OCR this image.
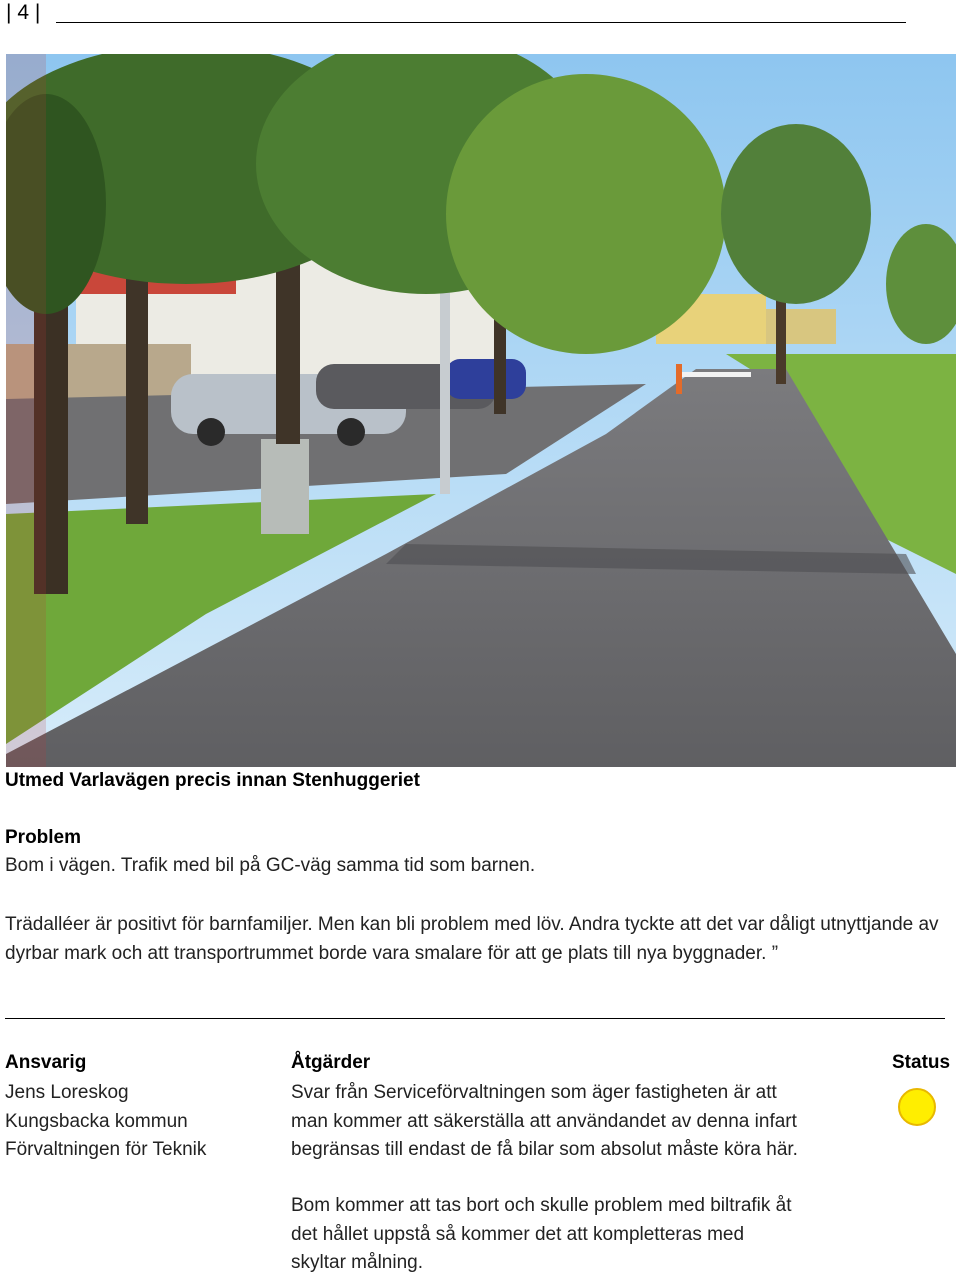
| 4 |
Utmed Varlavägen precis innan Stenhuggeriet
Problem
Bom i vägen. Trafik med bil på GC-väg samma tid som barnen.
Trädalléer är positivt för barnfamiljer. Men kan bli problem med löv. Andra tyckte att det var dåligt utnyttjande av dyrbar mark och att transportrummet borde vara smalare för att ge plats till nya byggnader. ”
Ansvarig
Jens Loreskog
Kungsbacka kommun
Förvaltningen för Teknik
Åtgärder
Svar från Serviceförvaltningen som äger fastigheten är att
man kommer att säkerställa att användandet av denna infart
begränsas till endast de få bilar som absolut måste köra här.
Bom kommer att tas bort och skulle problem med biltrafik åt
det hållet uppstå så kommer det att kompletteras med
skyltar målning.
Status
